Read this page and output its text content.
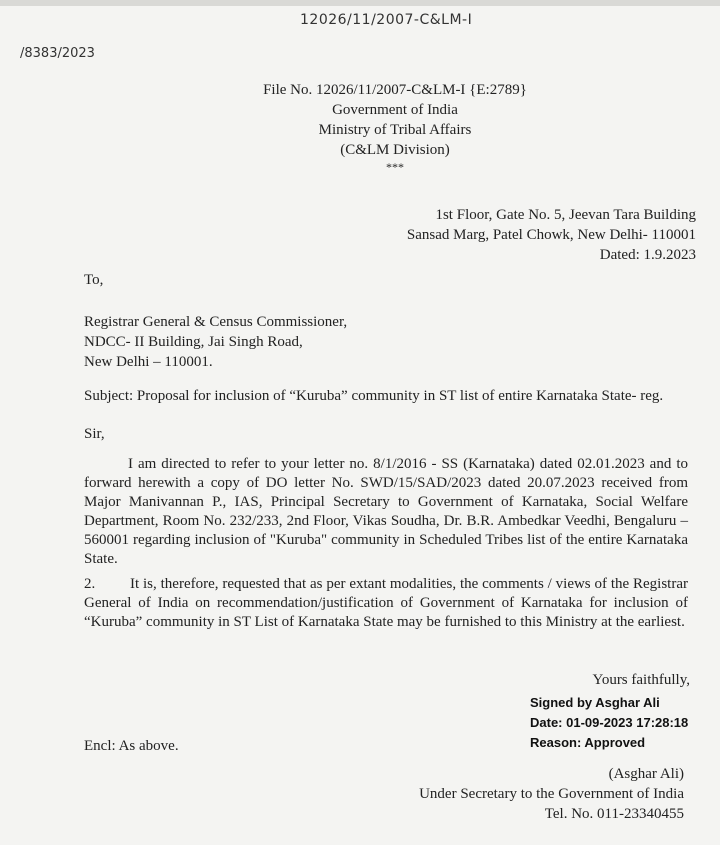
12026/11/2007-C&LM-I
/8383/2023
File No. 12026/11/2007-C&LM-I {E:2789}
Government of India
Ministry of Tribal Affairs
(C&LM Division)
***
1st Floor, Gate No. 5, Jeevan Tara Building
Sansad Marg, Patel Chowk, New Delhi- 110001
Dated: 1.9.2023
To,
Registrar General & Census Commissioner,
NDCC- II Building, Jai Singh Road,
New Delhi – 110001.
Subject: Proposal for inclusion of “Kuruba” community in ST list of entire Karnataka State- reg.
Sir,
I am directed to refer to your letter no. 8/1/2016 - SS (Karnataka) dated 02.01.2023 and to forward herewith a copy of DO letter No. SWD/15/SAD/2023 dated 20.07.2023 received from Major Manivannan P., IAS, Principal Secretary to Government of Karnataka, Social Welfare Department, Room No. 232/233, 2nd Floor, Vikas Soudha, Dr. B.R. Ambedkar Veedhi, Bengaluru – 560001 regarding inclusion of "Kuruba" community in Scheduled Tribes list of the entire Karnataka State.
2. It is, therefore, requested that as per extant modalities, the comments / views of the Registrar General of India on recommendation/justification of Government of Karnataka for inclusion of “Kuruba” community in ST List of Karnataka State may be furnished to this Ministry at the earliest.
Yours faithfully,
Signed by Asghar Ali
Date: 01-09-2023 17:28:18
Reason: Approved
Encl: As above.
(Asghar Ali)
Under Secretary to the Government of India
Tel. No. 011-23340455
